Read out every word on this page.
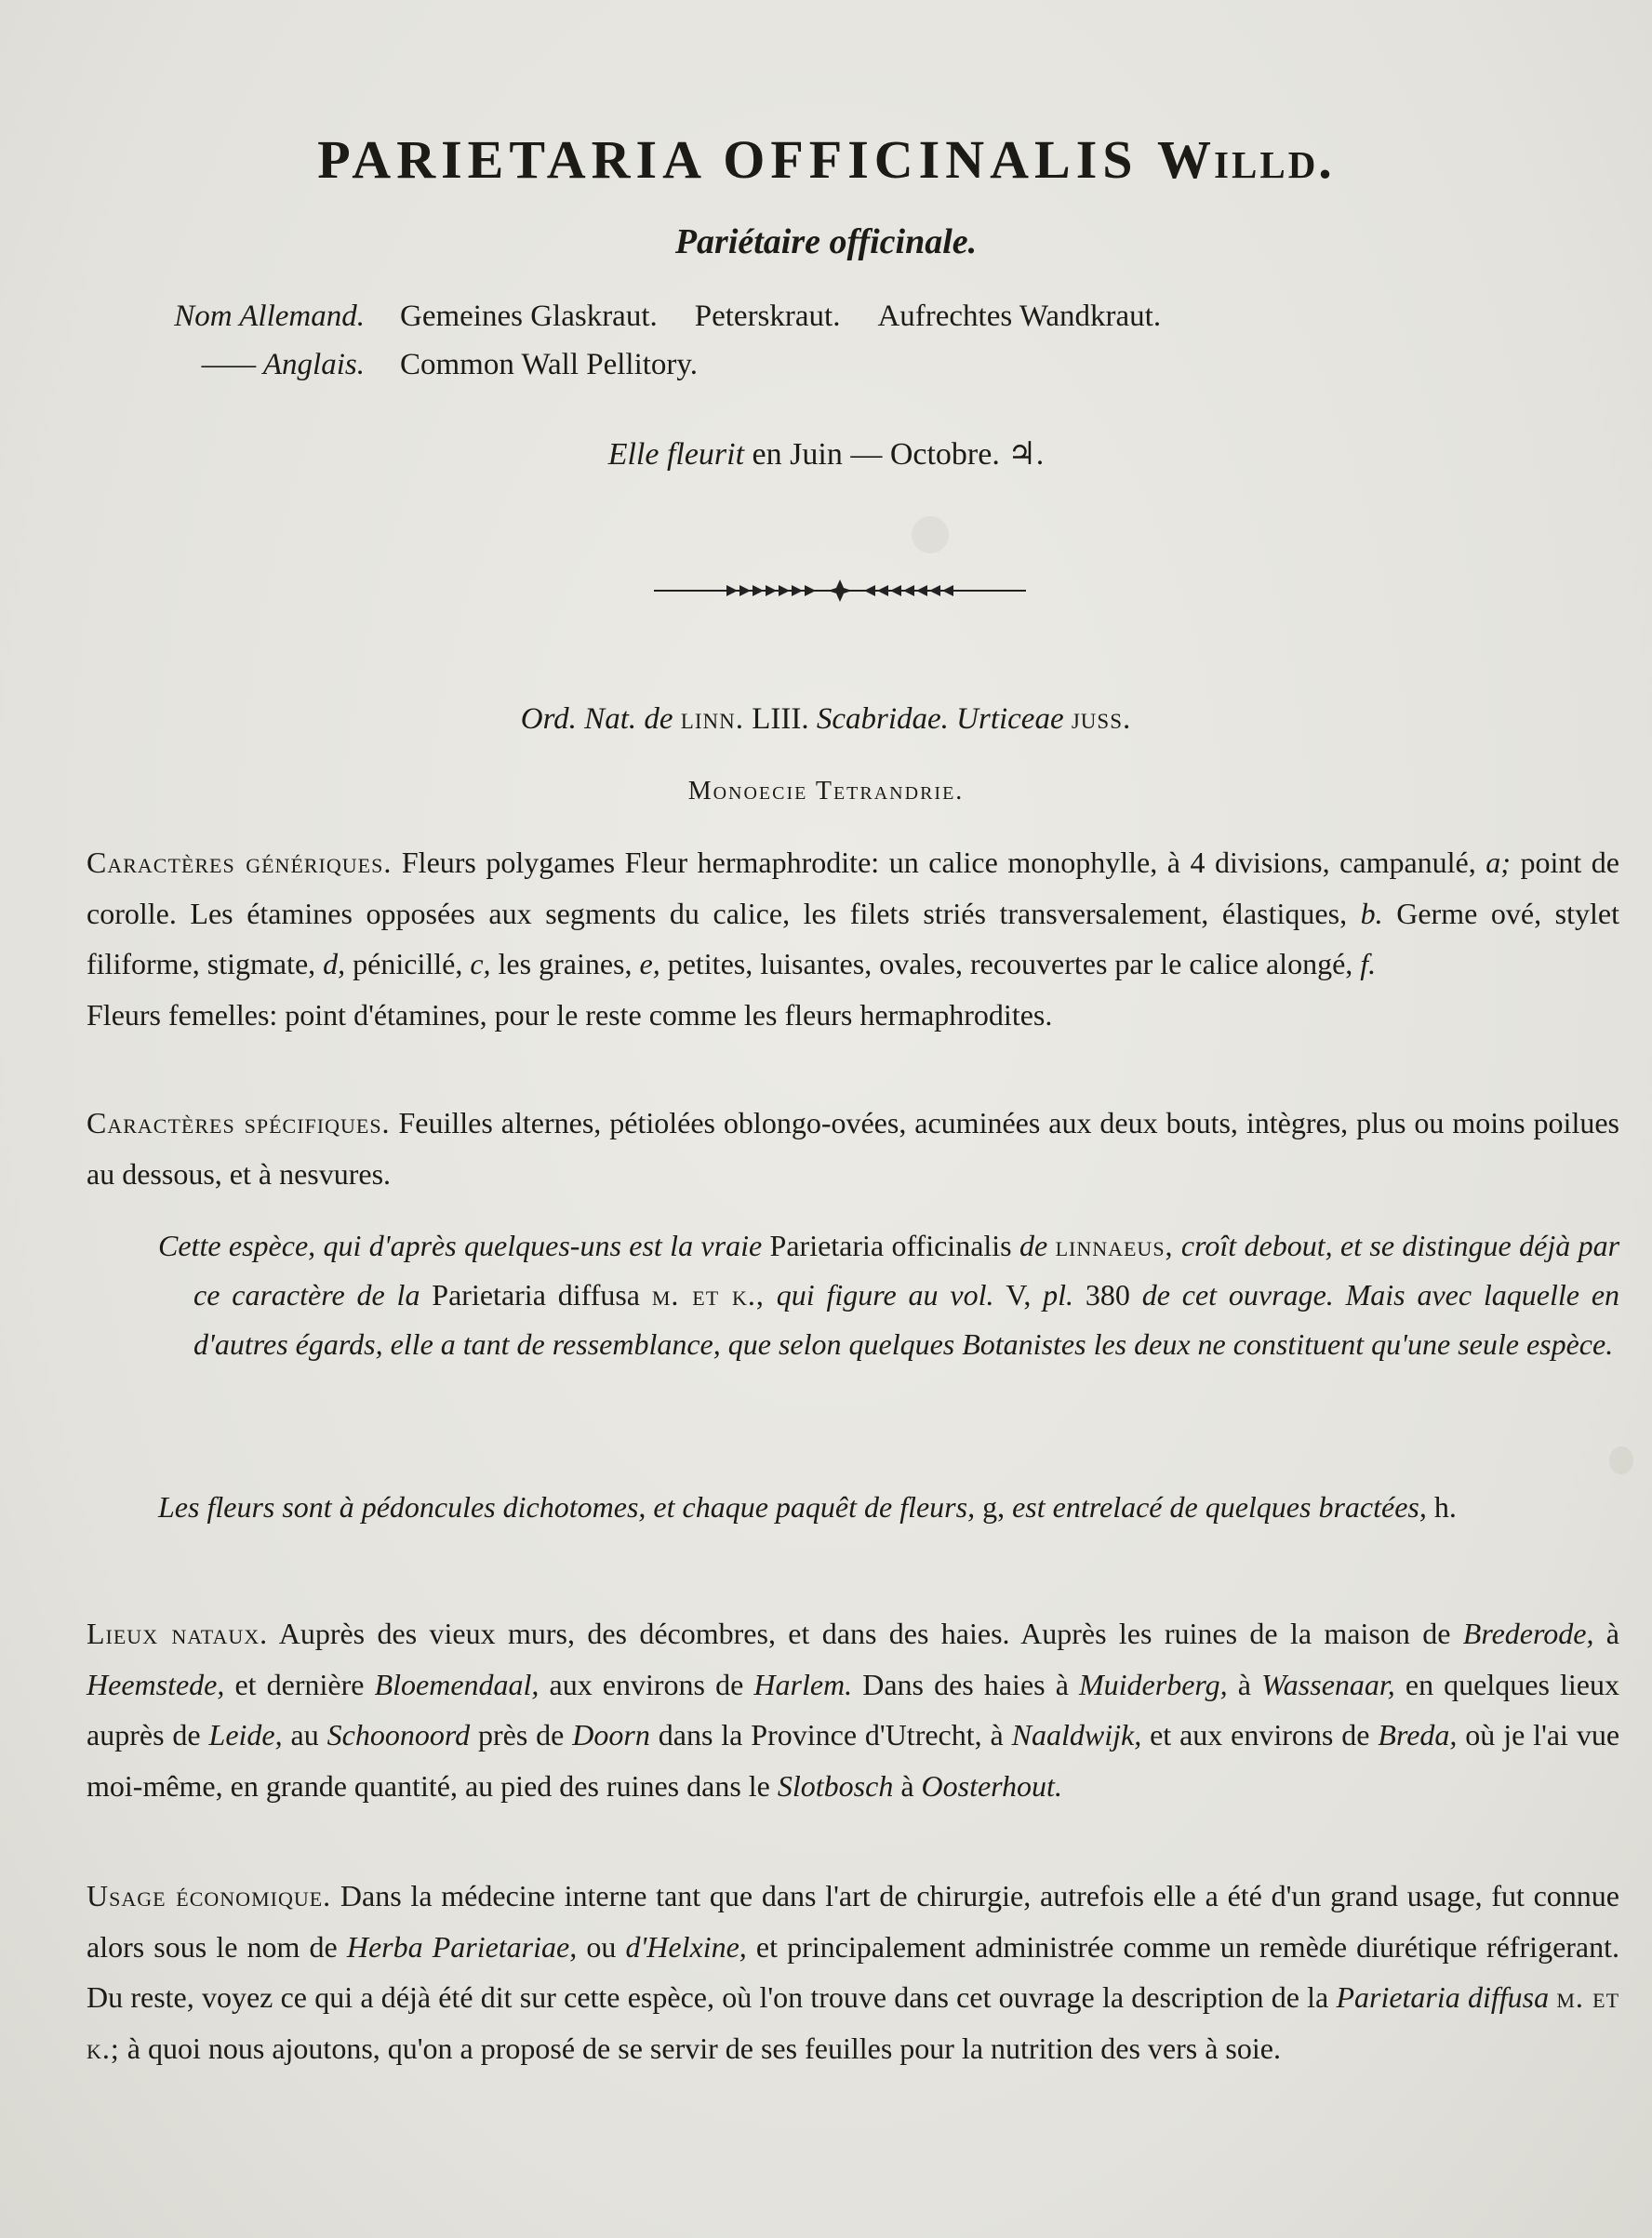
PARIETARIA OFFICINALIS Willd.
Pariétaire officinale.
Nom Allemand.	Gemeines Glaskraut. Peterskraut. Aufrechtes Wandkraut.
—— Anglais.	Common Wall Pellitory.
Elle fleurit en Juin — Octobre. ♃.
Ord. Nat. de linn. LIII. Scabridae. Urticeae juss.
Monoecie Tetrandrie.
Caractères génériques. Fleurs polygames Fleur hermaphrodite: un calice monophylle, à 4 divisions, campanulé, a; point de corolle. Les étamines opposées aux segments du calice, les filets striés transversalement, élastiques, b. Germe ové, stylet filiforme, stigmate, d, pénicillé, c, les graines, e, petites, luisantes, ovales, recouvertes par le calice alongé, f.
Fleurs femelles: point d'étamines, pour le reste comme les fleurs hermaphrodites.
Caractères spécifiques. Feuilles alternes, pétiolées oblongo-ovées, acuminées aux deux bouts, intègres, plus ou moins poilues au dessous, et à nesvures.
Cette espèce, qui d'après quelques-uns est la vraie Parietaria officinalis de linnaeus, croît debout, et se distingue déjà par ce caractère de la Parietaria diffusa m. et k., qui figure au vol. V, pl. 380 de cet ouvrage. Mais avec laquelle en d'autres égards, elle a tant de ressemblance, que selon quelques Botanistes les deux ne constituent qu'une seule espèce.
Les fleurs sont à pédoncules dichotomes, et chaque paquêt de fleurs, g, est entrelacé de quelques bractées, h.
Lieux nataux. Auprès des vieux murs, des décombres, et dans des haies. Auprès les ruines de la maison de Brederode, à Heemstede, et dernière Bloemendaal, aux environs de Harlem. Dans des haies à Muiderberg, à Wassenaar, en quelques lieux auprès de Leide, au Schoonoord près de Doorn dans la Province d'Utrecht, à Naaldwijk, et aux environs de Breda, où je l'ai vue moi-même, en grande quantité, au pied des ruines dans le Slotbosch à Oosterhout.
Usage économique. Dans la médecine interne tant que dans l'art de chirurgie, autrefois elle a été d'un grand usage, fut connue alors sous le nom de Herba Parietariae, ou d'Helxine, et principalement administrée comme un remède diurétique réfrigerant. Du reste, voyez ce qui a déjà été dit sur cette espèce, où l'on trouve dans cet ouvrage la description de la Parietaria diffusa m. et k.; à quoi nous ajoutons, qu'on a proposé de se servir de ses feuilles pour la nutrition des vers à soie.
